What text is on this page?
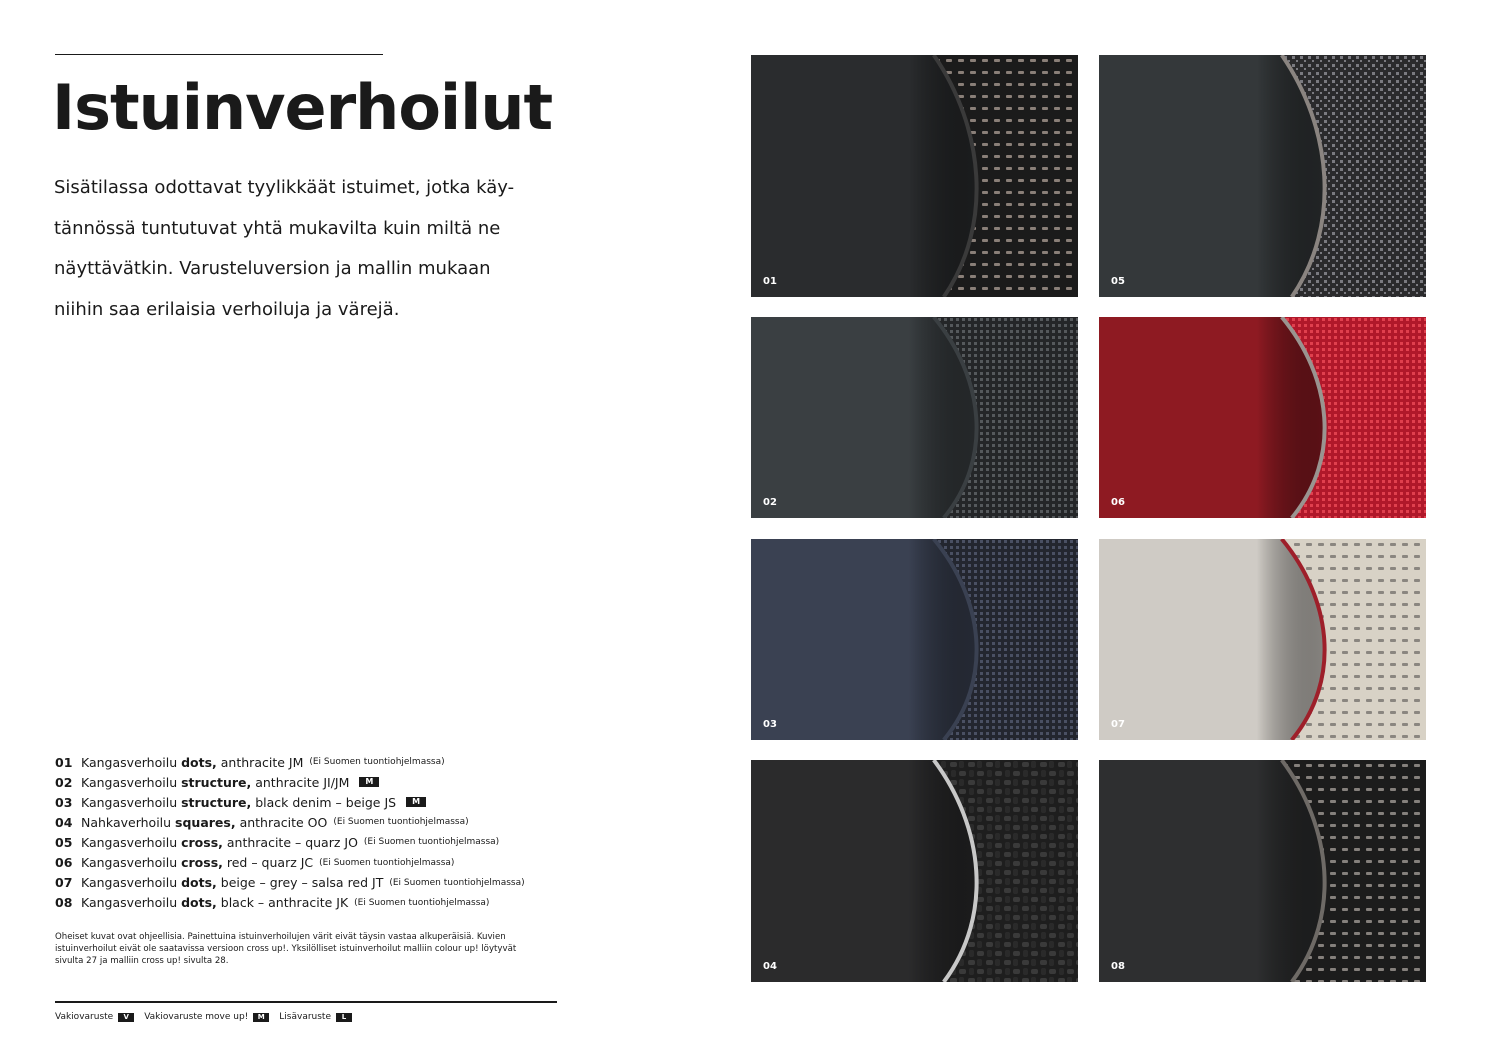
Istuinverhoilut

Sisätilassa odottavat tyylikkäät istuimet, jotka käy-
tännössä tuntutuvat yhtä mukavilta kuin miltä ne
näyttävätkin. Varusteluversion ja mallin mukaan
niihin saa erilaisia verhoiluja ja värejä.

01 Kangasverhoilu dots, anthracite JM (Ei Suomen tuontiohjelmassa)
02 Kangasverhoilu structure, anthracite JI/JM	M
03 Kangasverhoilu structure, black denim – beige JS	M
04 Nahkaverhoilu squares, anthracite OO (Ei Suomen tuontiohjelmassa)
05 Kangasverhoilu cross, anthracite – quarz JO (Ei Suomen tuontiohjelmassa)
06 Kangasverhoilu cross, red – quarz JC (Ei Suomen tuontiohjelmassa)
07 Kangasverhoilu dots, beige – grey – salsa red JT (Ei Suomen tuontiohjelmassa)
08 Kangasverhoilu dots, black – anthracite JK (Ei Suomen tuontiohjelmassa)

Oheiset kuvat ovat ohjeellisia. Painettuina istuinverhoilujen värit eivät täysin vastaa alkuperäisiä. Kuvien
istuinverhoilut eivät ole saatavissa versioon cross up!. Yksilölliset istuinverhoilut malliin colour up! löytyvät
sivulta 27 ja malliin cross up! sivulta 28.

Vakiovaruste	V	Vakiovaruste move up!	M	Lisävaruste	L
01	05
02	06
03	07
04	08
